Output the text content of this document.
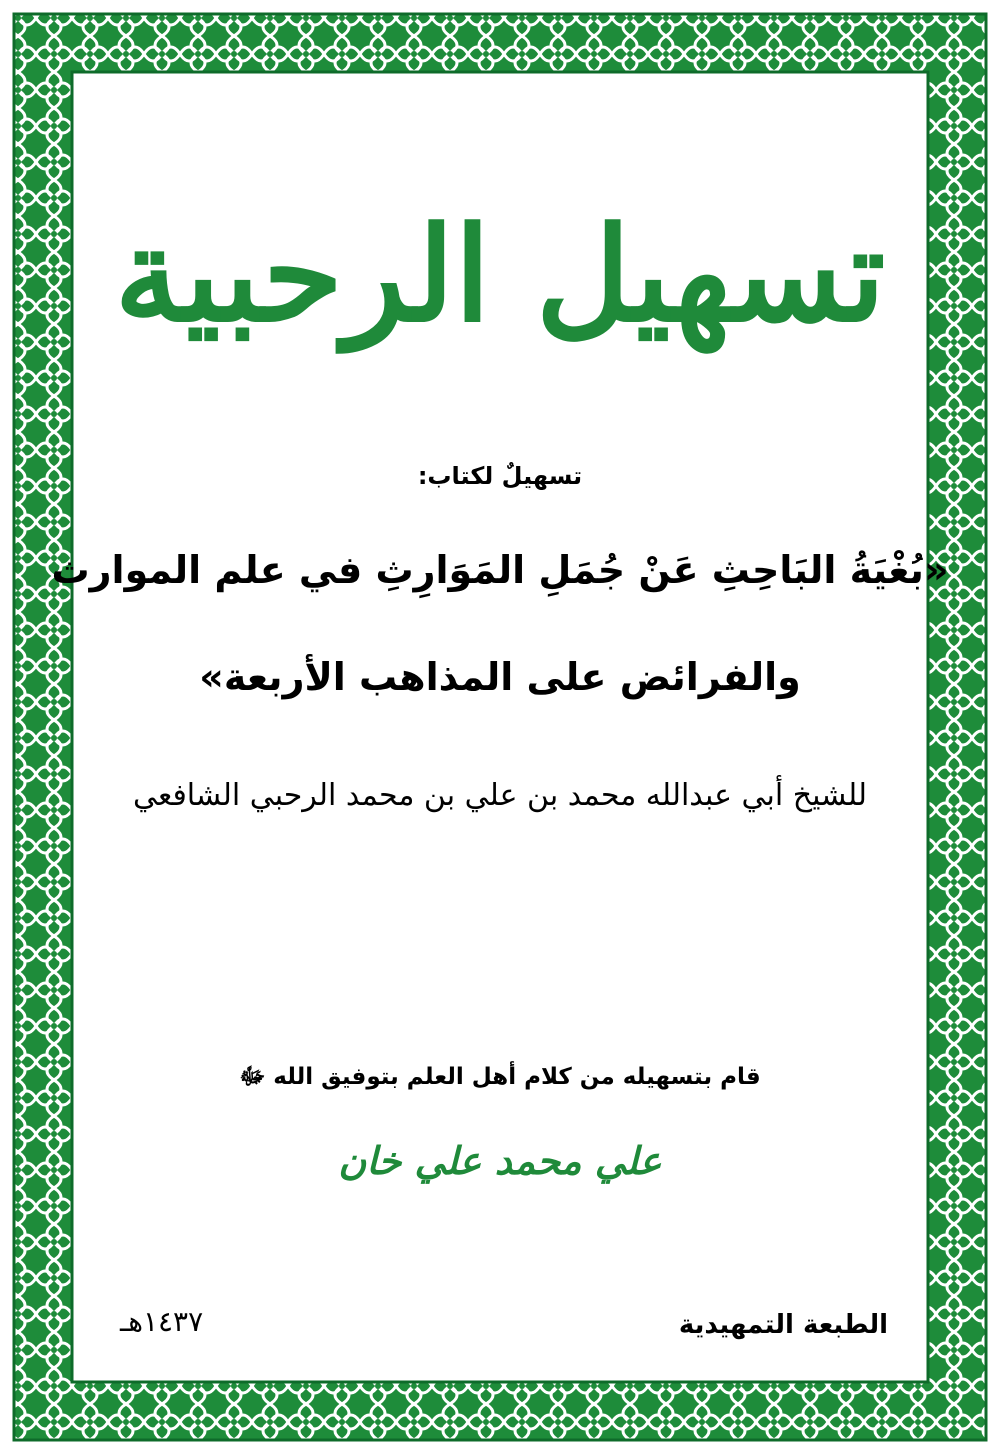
تسهيل الرحبية
تسهيلٌ لكتاب:
«بُغْيَةُ البَاحِثِ عَنْ جُمَلِ المَوَارِثِ في علم الموارث
والفرائض على المذاهب الأربعة»
للشيخ أبي عبدالله محمد بن علي بن محمد الرحبي الشافعي
قام بتسهيله من كلام أهل العلم بتوفيق الله ﷻ
علي محمد علي خان
الطبعة التمهيدية
١٤٣٧هـ
